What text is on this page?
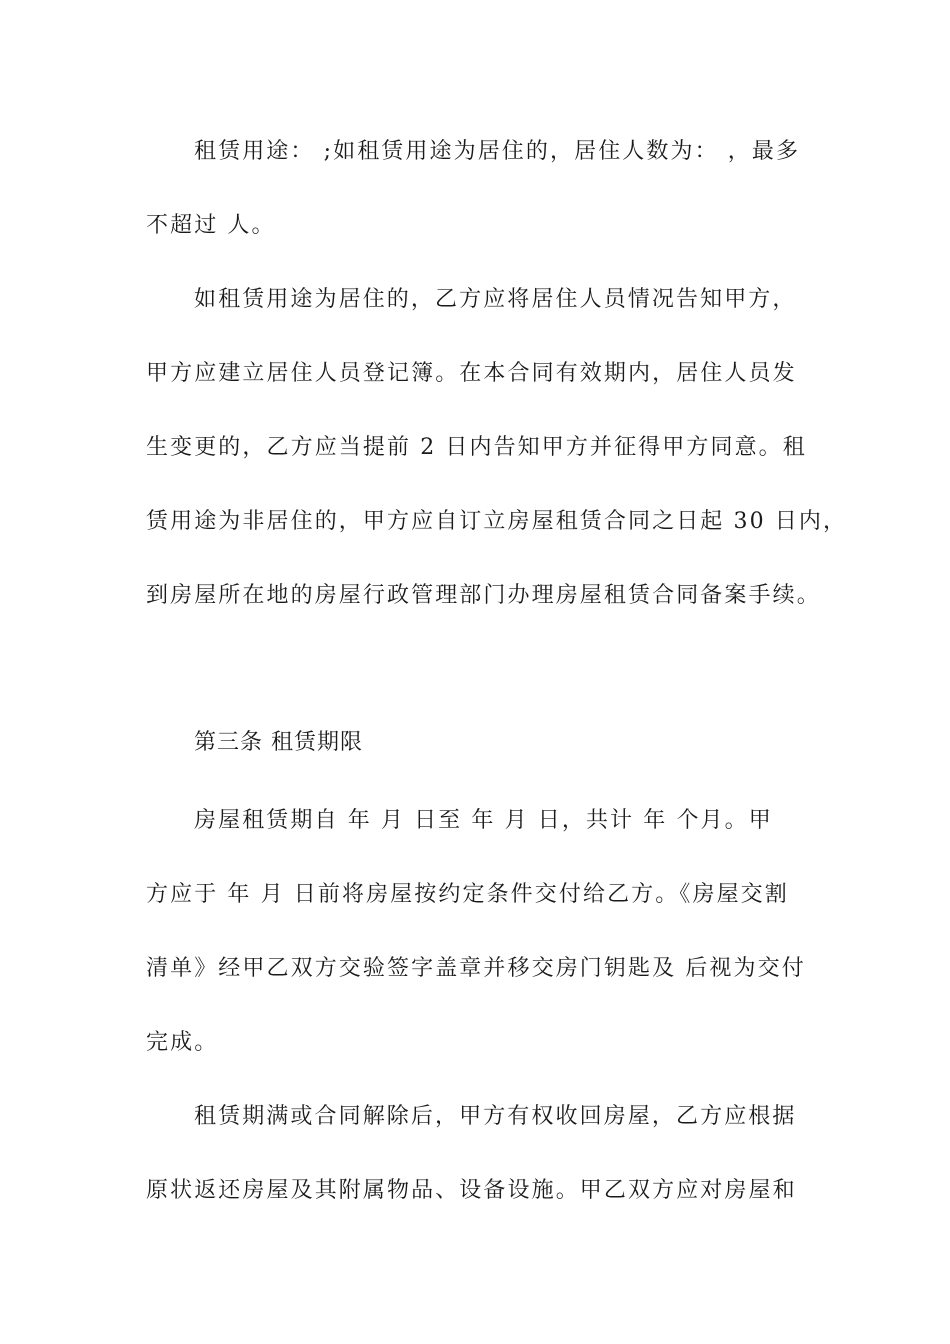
租赁用途： ;如租赁用途为居住的，居住人数为： ，最多
不超过 人。
如租赁用途为居住的，乙方应将居住人员情况告知甲方，
甲方应建立居住人员登记簿。在本合同有效期内，居住人员发
生变更的，乙方应当提前 2 日内告知甲方并征得甲方同意。租
赁用途为非居住的，甲方应自订立房屋租赁合同之日起 30 日内，
到房屋所在地的房屋行政管理部门办理房屋租赁合同备案手续。
第三条 租赁期限
房屋租赁期自 年 月 日至 年 月 日，共计 年 个月。甲
方应于 年 月 日前将房屋按约定条件交付给乙方。《房屋交割
清单》经甲乙双方交验签字盖章并移交房门钥匙及 后视为交付
完成。
租赁期满或合同解除后，甲方有权收回房屋，乙方应根据
原状返还房屋及其附属物品、设备设施。甲乙双方应对房屋和
